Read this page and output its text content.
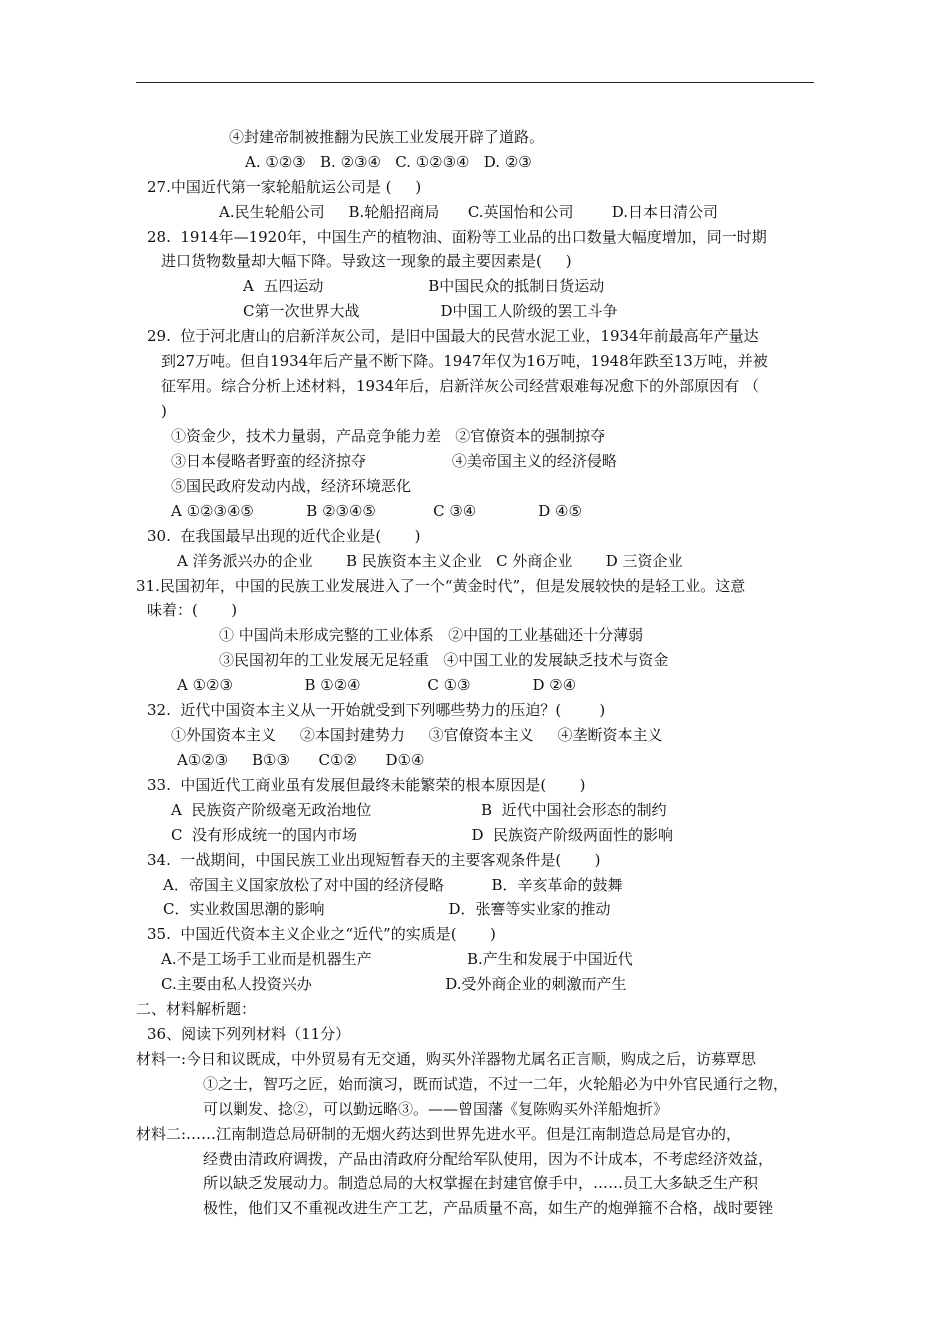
④封建帝制被推翻为民族工业发展开辟了道路。
A. ①②③   B. ②③④   C. ①②③④   D. ②③
27.中国近代第一家轮船航运公司是 (     )
A.民生轮船公司     B.轮船招商局      C.英国怡和公司        D.日本日清公司
28.  1914年—1920年，中国生产的植物油、面粉等工业品的出口数量大幅度增加，同一时期
进口货物数量却大幅下降。导致这一现象的最主要因素是(     )
A  五四运动                      B中国民众的抵制日货运动
C第一次世界大战                 D中国工人阶级的罢工斗争
29.  位于河北唐山的启新洋灰公司，是旧中国最大的民营水泥工业，1934年前最高年产量达
到27万吨。但自1934年后产量不断下降。1947年仅为16万吨，1948年跌至13万吨，并被
征军用。综合分析上述材料，1934年后，启新洋灰公司经营艰难每况愈下的外部原因有 （
)
①资金少，技术力量弱，产品竞争能力差   ②官僚资本的强制掠夺
③日本侵略者野蛮的经济掠夺                  ④美帝国主义的经济侵略
⑤国民政府发动内战，经济环境恶化
A ①②③④⑤           B ②③④⑤            C ③④             D ④⑤
30.  在我国最早出现的近代企业是(       )
A 洋务派兴办的企业       B 民族资本主义企业   C 外商企业       D 三资企业
31.民国初年，中国的民族工业发展进入了一个“黄金时代”，但是发展较快的是轻工业。这意
味着：(       )
① 中国尚未形成完整的工业体系   ②中国的工业基础还十分薄弱
③民国初年的工业发展无足轻重   ④中国工业的发展缺乏技术与资金
A ①②③               B ①②④              C ①③             D ②④
32.  近代中国资本主义从一开始就受到下列哪些势力的压迫？(        )
①外国资本主义     ②本国封建势力     ③官僚资本主义     ④垄断资本主义
A①②③     B①③      C①②      D①④
33.  中国近代工商业虽有发展但最终未能繁荣的根本原因是(       )
A  民族资产阶级毫无政治地位                       B  近代中国社会形态的制约
C  没有形成统一的国内市场                        D  民族资产阶级两面性的影响
34.  一战期间，中国民族工业出现短暂春天的主要客观条件是(       )
A．帝国主义国家放松了对中国的经济侵略          B．辛亥革命的鼓舞
C．实业救国思潮的影响                          D．张謇等实业家的推动
35.  中国近代资本主义企业之“近代”的实质是(       )
A.不是工场手工业而是机器生产                    B.产生和发展于中国近代
C.主要由私人投资兴办                            D.受外商企业的刺激而产生
二、材料解析题：
36、阅读下列列材料（11分）
材料一:今日和议既成，中外贸易有无交通，购买外洋器物尤属名正言顺，购成之后，访募覃思
①之士，智巧之匠，始而演习，既而试造，不过一二年，火轮船必为中外官民通行之物，
可以剿发、捻②，可以勤远略③。——曾国藩《复陈购买外洋船炮折》
材料二:……江南制造总局研制的无烟火药达到世界先进水平。但是江南制造总局是官办的，
经费由清政府调拨，产品由清政府分配给军队使用，因为不计成本，不考虑经济效益，
所以缺乏发展动力。制造总局的大权掌握在封建官僚手中，……员工大多缺乏生产积
极性，他们又不重视改进生产工艺，产品质量不高，如生产的炮弹箍不合格，战时要锉
